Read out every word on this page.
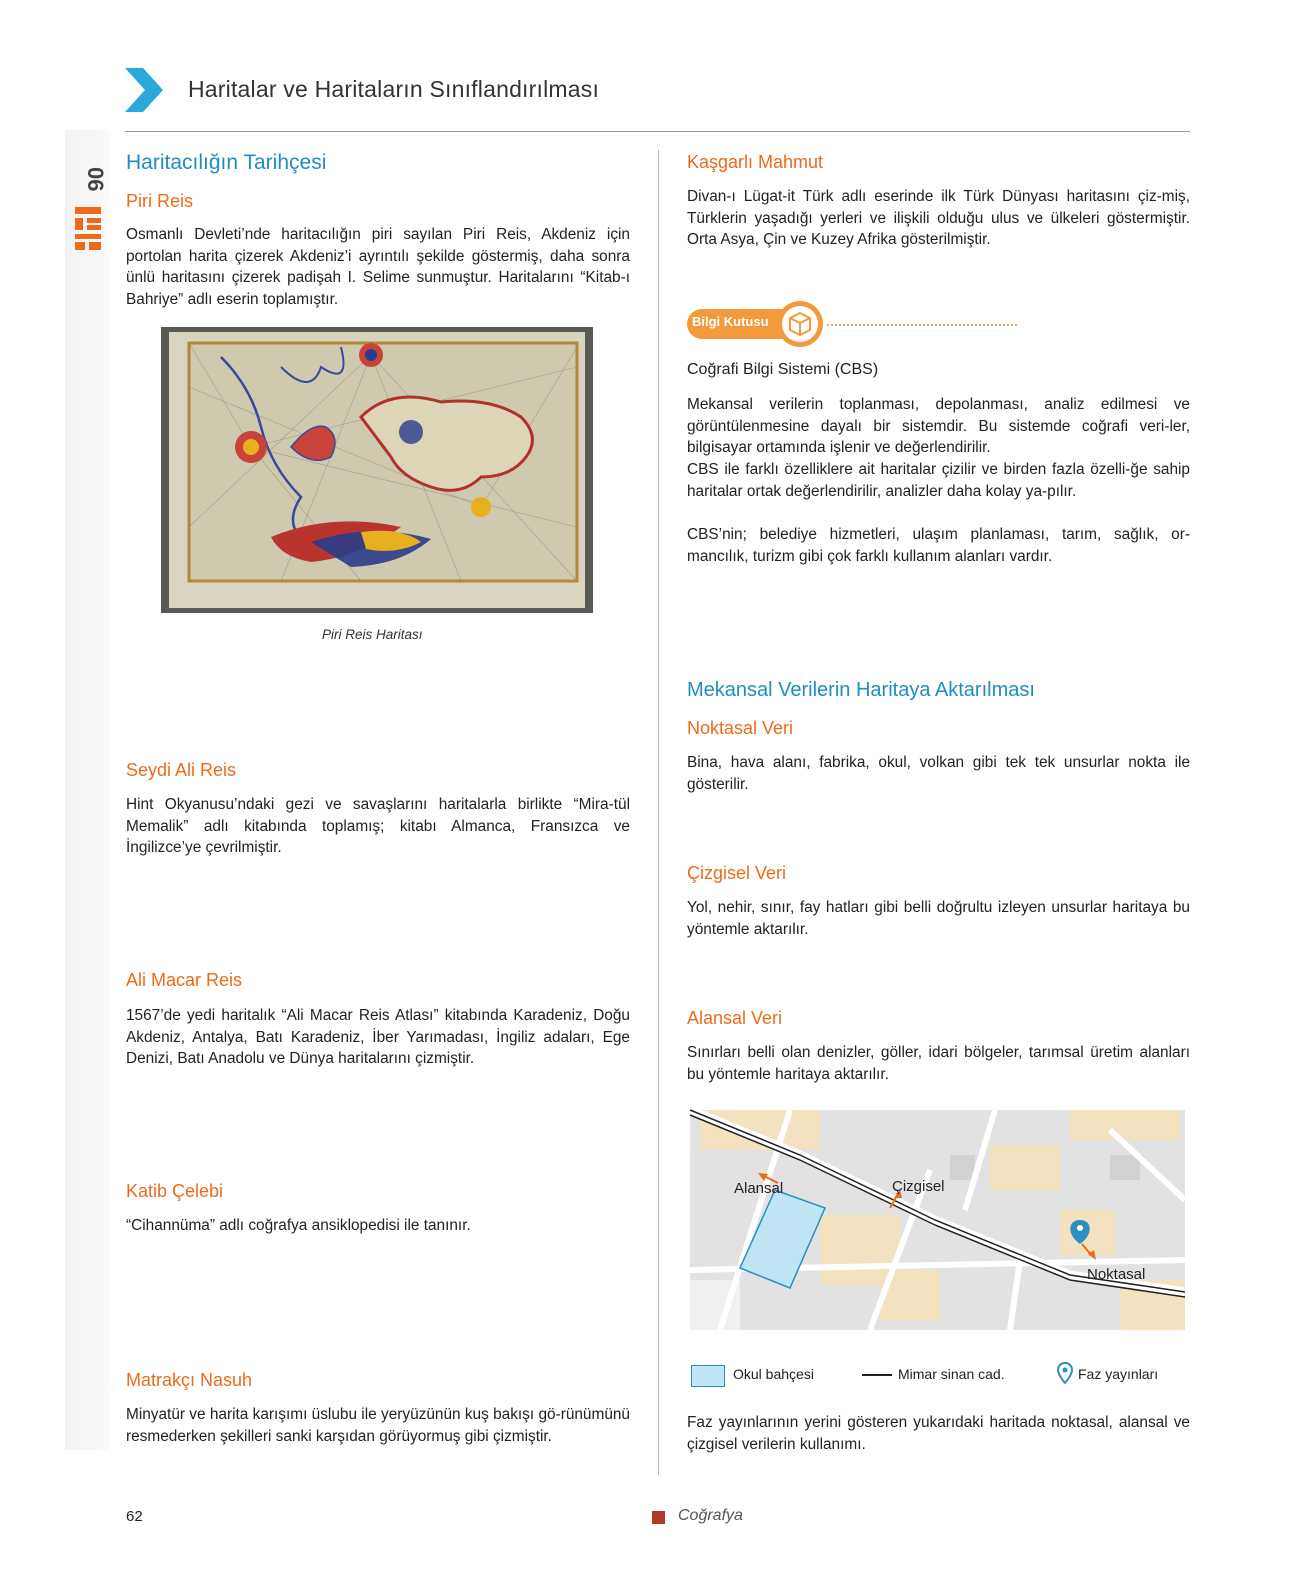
06
Haritalar ve Haritaların Sınıflandırılması
Haritacılığın Tarihçesi
Piri Reis
Osmanlı Devleti’nde haritacılığın piri sayılan Piri Reis, Akdeniz için portolan harita çizerek Akdeniz’i ayrıntılı şekilde göstermiş, daha sonra ünlü haritasını çizerek padişah I. Selime sunmuştur. Haritalarını “Kitab-ı Bahriye” adlı eserin toplamıştır.
Piri Reis Haritası
Seydi Ali Reis
Hint Okyanusu’ndaki gezi ve savaşlarını haritalarla birlikte “Mira-tül Memalik” adlı kitabında toplamış; kitabı Almanca, Fransızca ve İngilizce’ye çevrilmiştir.
Ali Macar Reis
1567’de yedi haritalık “Ali Macar Reis Atlası” kitabında Karadeniz, Doğu Akdeniz, Antalya, Batı Karadeniz, İber Yarımadası, İngiliz adaları, Ege Denizi, Batı Anadolu ve Dünya haritalarını çizmiştir.
Katib Çelebi
“Cihannüma” adlı coğrafya ansiklopedisi ile tanınır.
Matrakçı Nasuh
Minyatür ve harita karışımı üslubu ile yeryüzünün kuş bakışı gö-rünümünü resmederken şekilleri sanki karşıdan görüyormuş gibi çizmiştir.
Kaşgarlı Mahmut
Divan-ı Lügat-it Türk adlı eserinde ilk Türk Dünyası haritasını çiz-miş, Türklerin yaşadığı yerleri ve ilişkili olduğu ulus ve ülkeleri göstermiştir. Orta Asya, Çin ve Kuzey Afrika gösterilmiştir.
Bilgi Kutusu
Coğrafi Bilgi Sistemi (CBS)
Mekansal verilerin toplanması, depolanması, analiz edilmesi ve görüntülenmesine dayalı bir sistemdir. Bu sistemde coğrafi veri-ler, bilgisayar ortamında işlenir ve değerlendirilir.
CBS ile farklı özelliklere ait haritalar çizilir ve birden fazla özelli-ğe sahip haritalar ortak değerlendirilir, analizler daha kolay ya-pılır.
CBS’nin; belediye hizmetleri, ulaşım planlaması, tarım, sağlık, or-mancılık, turizm gibi çok farklı kullanım alanları vardır.
Mekansal Verilerin Haritaya Aktarılması
Noktasal Veri
Bina, hava alanı, fabrika, okul, volkan gibi tek tek unsurlar nokta ile gösterilir.
Çizgisel Veri
Yol, nehir, sınır, fay hatları gibi belli doğrultu izleyen unsurlar haritaya bu yöntemle aktarılır.
Alansal Veri
Sınırları belli olan denizler, göller, idari bölgeler, tarımsal üretim alanları bu yöntemle haritaya aktarılır.
Alansal	Çizgisel
Noktasal
Okul bahçesi	Mimar sinan cad.	Faz yayınları
Faz yayınlarının yerini gösteren yukarıdaki haritada noktasal, alansal ve çizgisel verilerin kullanımı.
62	Coğrafya
